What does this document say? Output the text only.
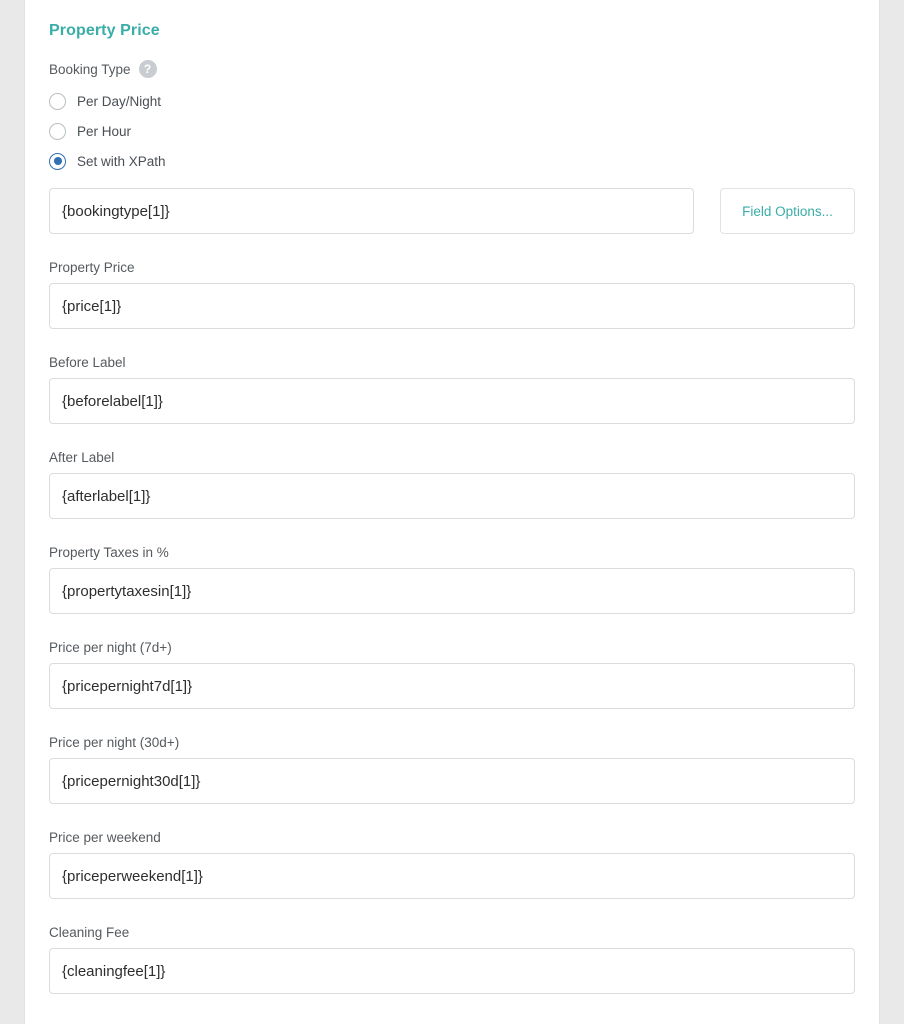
Property Price
Booking Type	?
Per Day/Night
Per Hour
Set with XPath
{bookingtype[1]}
Field Options...
Property Price
{price[1]}
Before Label
{beforelabel[1]}
After Label
{afterlabel[1]}
Property Taxes in %
{propertytaxesin[1]}
Price per night (7d+)
{pricepernight7d[1]}
Price per night (30d+)
{pricepernight30d[1]}
Price per weekend
{priceperweekend[1]}
Cleaning Fee
{cleaningfee[1]}
